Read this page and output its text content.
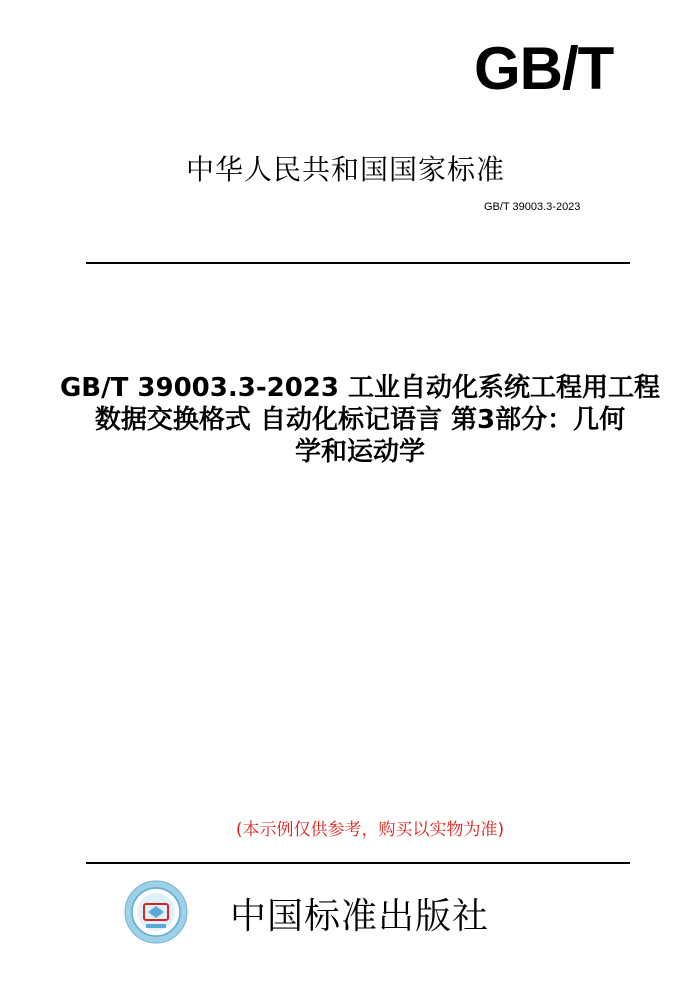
GB/T
中华人民共和国国家标准
GB/T 39003.3-2023
GB/T 39003.3-2023 工业自动化系统工程用工程
数据交换格式 自动化标记语言 第3部分：几何
学和运动学
(本示例仅供参考，购买以实物为准)
中国标准出版社
